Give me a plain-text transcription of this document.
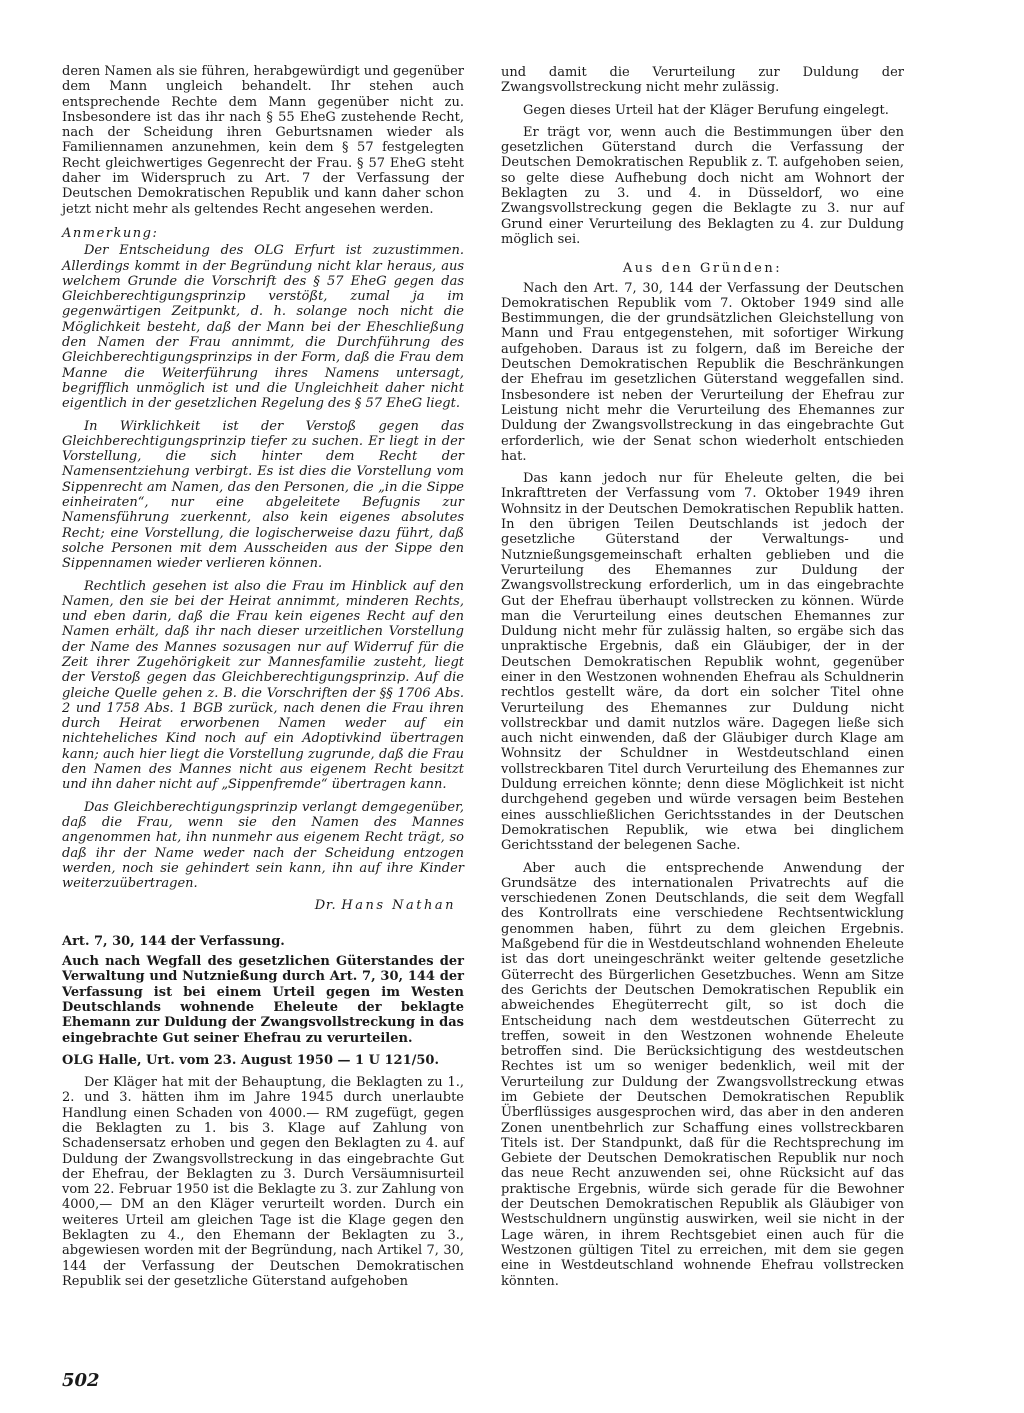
deren Namen als sie führen, herabgewürdigt und gegenüber dem Mann ungleich behandelt. Ihr stehen auch entsprechende Rechte dem Mann gegenüber nicht zu. Insbesondere ist das ihr nach § 55 EheG zustehende Recht, nach der Scheidung ihren Geburtsnamen wieder als Familiennamen anzunehmen, kein dem § 57 festgelegten Recht gleichwertiges Gegenrecht der Frau. § 57 EheG steht daher im Widerspruch zu Art. 7 der Verfassung der Deutschen Demokratischen Republik und kann daher schon jetzt nicht mehr als geltendes Recht angesehen werden.

Anmerkung:

Der Entscheidung des OLG Erfurt ist zuzustimmen. Allerdings kommt in der Begründung nicht klar heraus, aus welchem Grunde die Vorschrift des § 57 EheG gegen das Gleichberechtigungsprinzip verstößt, zumal ja im gegenwärtigen Zeitpunkt, d. h. solange noch nicht die Möglichkeit besteht, daß der Mann bei der Eheschließung den Namen der Frau annimmt, die Durchführung des Gleichberechtigungsprinzips in der Form, daß die Frau dem Manne die Weiterführung ihres Namens untersagt, begrifflich unmöglich ist und die Ungleichheit daher nicht eigentlich in der gesetzlichen Regelung des § 57 EheG liegt.

In Wirklichkeit ist der Verstoß gegen das Gleichberechtigungsprinzip tiefer zu suchen. Er liegt in der Vorstellung, die sich hinter dem Recht der Namensentziehung verbirgt. Es ist dies die Vorstellung vom Sippenrecht am Namen, das den Personen, die „in die Sippe einheiraten“, nur eine abgeleitete Befugnis zur Namensführung zuerkennt, also kein eigenes absolutes Recht; eine Vorstellung, die logischerweise dazu führt, daß solche Personen mit dem Ausscheiden aus der Sippe den Sippennamen wieder verlieren können.

Rechtlich gesehen ist also die Frau im Hinblick auf den Namen, den sie bei der Heirat annimmt, minderen Rechts, und eben darin, daß die Frau kein eigenes Recht auf den Namen erhält, daß ihr nach dieser urzeitlichen Vorstellung der Name des Mannes sozusagen nur auf Widerruf für die Zeit ihrer Zugehörigkeit zur Mannesfamilie zusteht, liegt der Verstoß gegen das Gleichberechtigungsprinzip. Auf die gleiche Quelle gehen z. B. die Vorschriften der §§ 1706 Abs. 2 und 1758 Abs. 1 BGB zurück, nach denen die Frau ihren durch Heirat erworbenen Namen weder auf ein nichteheliches Kind noch auf ein Adoptivkind übertragen kann; auch hier liegt die Vorstellung zugrunde, daß die Frau den Namen des Mannes nicht aus eigenem Recht besitzt und ihn daher nicht auf „Sippenfremde“ übertragen kann.

Das Gleichberechtigungsprinzip verlangt demgegenüber, daß die Frau, wenn sie den Namen des Mannes angenommen hat, ihn nunmehr aus eigenem Recht trägt, so daß ihr der Name weder nach der Scheidung entzogen werden, noch sie gehindert sein kann, ihn auf ihre Kinder weiterzuübertragen.

Dr. Hans Nathan

Art. 7, 30, 144 der Verfassung.

Auch nach Wegfall des gesetzlichen Güterstandes der Verwaltung und Nutznießung durch Art. 7, 30, 144 der Verfassung ist bei einem Urteil gegen im Westen Deutschlands wohnende Eheleute der beklagte Ehemann zur Duldung der Zwangsvollstreckung in das eingebrachte Gut seiner Ehefrau zu verurteilen.

OLG Halle, Urt. vom 23. August 1950 — 1 U 121/50.

Der Kläger hat mit der Behauptung, die Beklagten zu 1., 2. und 3. hätten ihm im Jahre 1945 durch unerlaubte Handlung einen Schaden von 4000.— RM zugefügt, gegen die Beklagten zu 1. bis 3. Klage auf Zahlung von Schadensersatz erhoben und gegen den Beklagten zu 4. auf Duldung der Zwangsvollstreckung in das eingebrachte Gut der Ehefrau, der Beklagten zu 3. Durch Versäumnisurteil vom 22. Februar 1950 ist die Beklagte zu 3. zur Zahlung von 4000,— DM an den Kläger verurteilt worden. Durch ein weiteres Urteil am gleichen Tage ist die Klage gegen den Beklagten zu 4., den Ehemann der Beklagten zu 3., abgewiesen worden mit der Begründung, nach Artikel 7, 30, 144 der Verfassung der Deutschen Demokratischen Republik sei der gesetzliche Güterstand aufgehoben

und damit die Verurteilung zur Duldung der Zwangsvollstreckung nicht mehr zulässig.

Gegen dieses Urteil hat der Kläger Berufung eingelegt.

Er trägt vor, wenn auch die Bestimmungen über den gesetzlichen Güterstand durch die Verfassung der Deutschen Demokratischen Republik z. T. aufgehoben seien, so gelte diese Aufhebung doch nicht am Wohnort der Beklagten zu 3. und 4. in Düsseldorf, wo eine Zwangsvollstreckung gegen die Beklagte zu 3. nur auf Grund einer Verurteilung des Beklagten zu 4. zur Duldung möglich sei.

Aus den Gründen:

Nach den Art. 7, 30, 144 der Verfassung der Deutschen Demokratischen Republik vom 7. Oktober 1949 sind alle Bestimmungen, die der grundsätzlichen Gleichstellung von Mann und Frau entgegenstehen, mit sofortiger Wirkung aufgehoben. Daraus ist zu folgern, daß im Bereiche der Deutschen Demokratischen Republik die Beschränkungen der Ehefrau im gesetzlichen Güterstand weggefallen sind. Insbesondere ist neben der Verurteilung der Ehefrau zur Leistung nicht mehr die Verurteilung des Ehemannes zur Duldung der Zwangsvollstreckung in das eingebrachte Gut erforderlich, wie der Senat schon wiederholt entschieden hat.

Das kann jedoch nur für Eheleute gelten, die bei Inkrafttreten der Verfassung vom 7. Oktober 1949 ihren Wohnsitz in der Deutschen Demokratischen Republik hatten. In den übrigen Teilen Deutschlands ist jedoch der gesetzliche Güterstand der Verwaltungs- und Nutznießungsgemeinschaft erhalten geblieben und die Verurteilung des Ehemannes zur Duldung der Zwangsvollstreckung erforderlich, um in das eingebrachte Gut der Ehefrau überhaupt vollstrecken zu können. Würde man die Verurteilung eines deutschen Ehemannes zur Duldung nicht mehr für zulässig halten, so ergäbe sich das unpraktische Ergebnis, daß ein Gläubiger, der in der Deutschen Demokratischen Republik wohnt, gegenüber einer in den Westzonen wohnenden Ehefrau als Schuldnerin rechtlos gestellt wäre, da dort ein solcher Titel ohne Verurteilung des Ehemannes zur Duldung nicht vollstreckbar und damit nutzlos wäre. Dagegen ließe sich auch nicht einwenden, daß der Gläubiger durch Klage am Wohnsitz der Schuldner in Westdeutschland einen vollstreckbaren Titel durch Verurteilung des Ehemannes zur Duldung erreichen könnte; denn diese Möglichkeit ist nicht durchgehend gegeben und würde versagen beim Bestehen eines ausschließlichen Gerichtsstandes in der Deutschen Demokratischen Republik, wie etwa bei dinglichem Gerichtsstand der belegenen Sache.

Aber auch die entsprechende Anwendung der Grundsätze des internationalen Privatrechts auf die verschiedenen Zonen Deutschlands, die seit dem Wegfall des Kontrollrats eine verschiedene Rechtsentwicklung genommen haben, führt zu dem gleichen Ergebnis. Maßgebend für die in Westdeutschland wohnenden Eheleute ist das dort uneingeschränkt weiter geltende gesetzliche Güterrecht des Bürgerlichen Gesetzbuches. Wenn am Sitze des Gerichts der Deutschen Demokratischen Republik ein abweichendes Ehegüterrecht gilt, so ist doch die Entscheidung nach dem westdeutschen Güterrecht zu treffen, soweit in den Westzonen wohnende Eheleute betroffen sind. Die Berücksichtigung des westdeutschen Rechtes ist um so weniger bedenklich, weil mit der Verurteilung zur Duldung der Zwangsvollstreckung etwas im Gebiete der Deutschen Demokratischen Republik Überflüssiges ausgesprochen wird, das aber in den anderen Zonen unentbehrlich zur Schaffung eines vollstreckbaren Titels ist. Der Standpunkt, daß für die Rechtsprechung im Gebiete der Deutschen Demokratischen Republik nur noch das neue Recht anzuwenden sei, ohne Rücksicht auf das praktische Ergebnis, würde sich gerade für die Bewohner der Deutschen Demokratischen Republik als Gläubiger von Westschuldnern ungünstig auswirken, weil sie nicht in der Lage wären, in ihrem Rechtsgebiet einen auch für die Westzonen gültigen Titel zu erreichen, mit dem sie gegen eine in Westdeutschland wohnende Ehefrau vollstrecken könnten.

502
